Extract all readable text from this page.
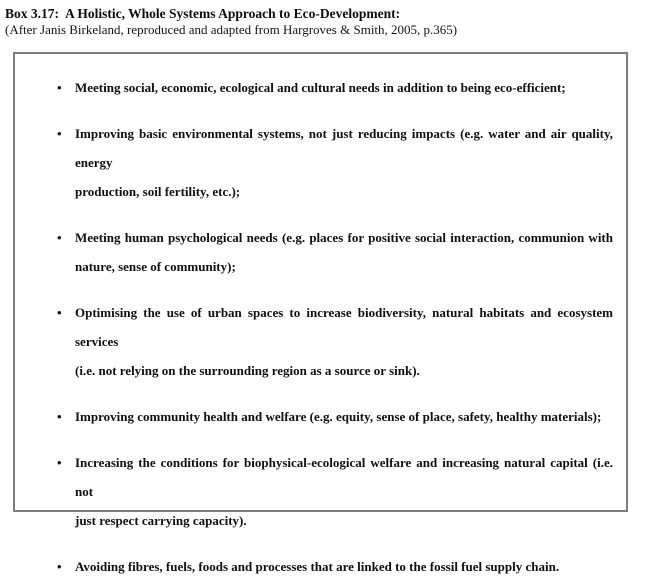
Box 3.17:  A Holistic, Whole Systems Approach to Eco-Development:
(After Janis Birkeland, reproduced and adapted from Hargroves & Smith, 2005, p.365)
• Meeting social, economic, ecological and cultural needs in addition to being eco-efficient;
• Improving basic environmental systems, not just reducing impacts (e.g. water and air quality, energy
production, soil fertility, etc.);
• Meeting human psychological needs (e.g. places for positive social interaction, communion with
nature, sense of community);
• Optimising the use of urban spaces to increase biodiversity, natural habitats and ecosystem services
(i.e. not relying on the surrounding region as a source or sink).
• Improving community health and welfare (e.g. equity, sense of place, safety, healthy materials);
• Increasing the conditions for biophysical-ecological welfare and increasing natural capital (i.e. not
just respect carrying capacity).
• Avoiding fibres, fuels, foods and processes that are linked to the fossil fuel supply chain.
